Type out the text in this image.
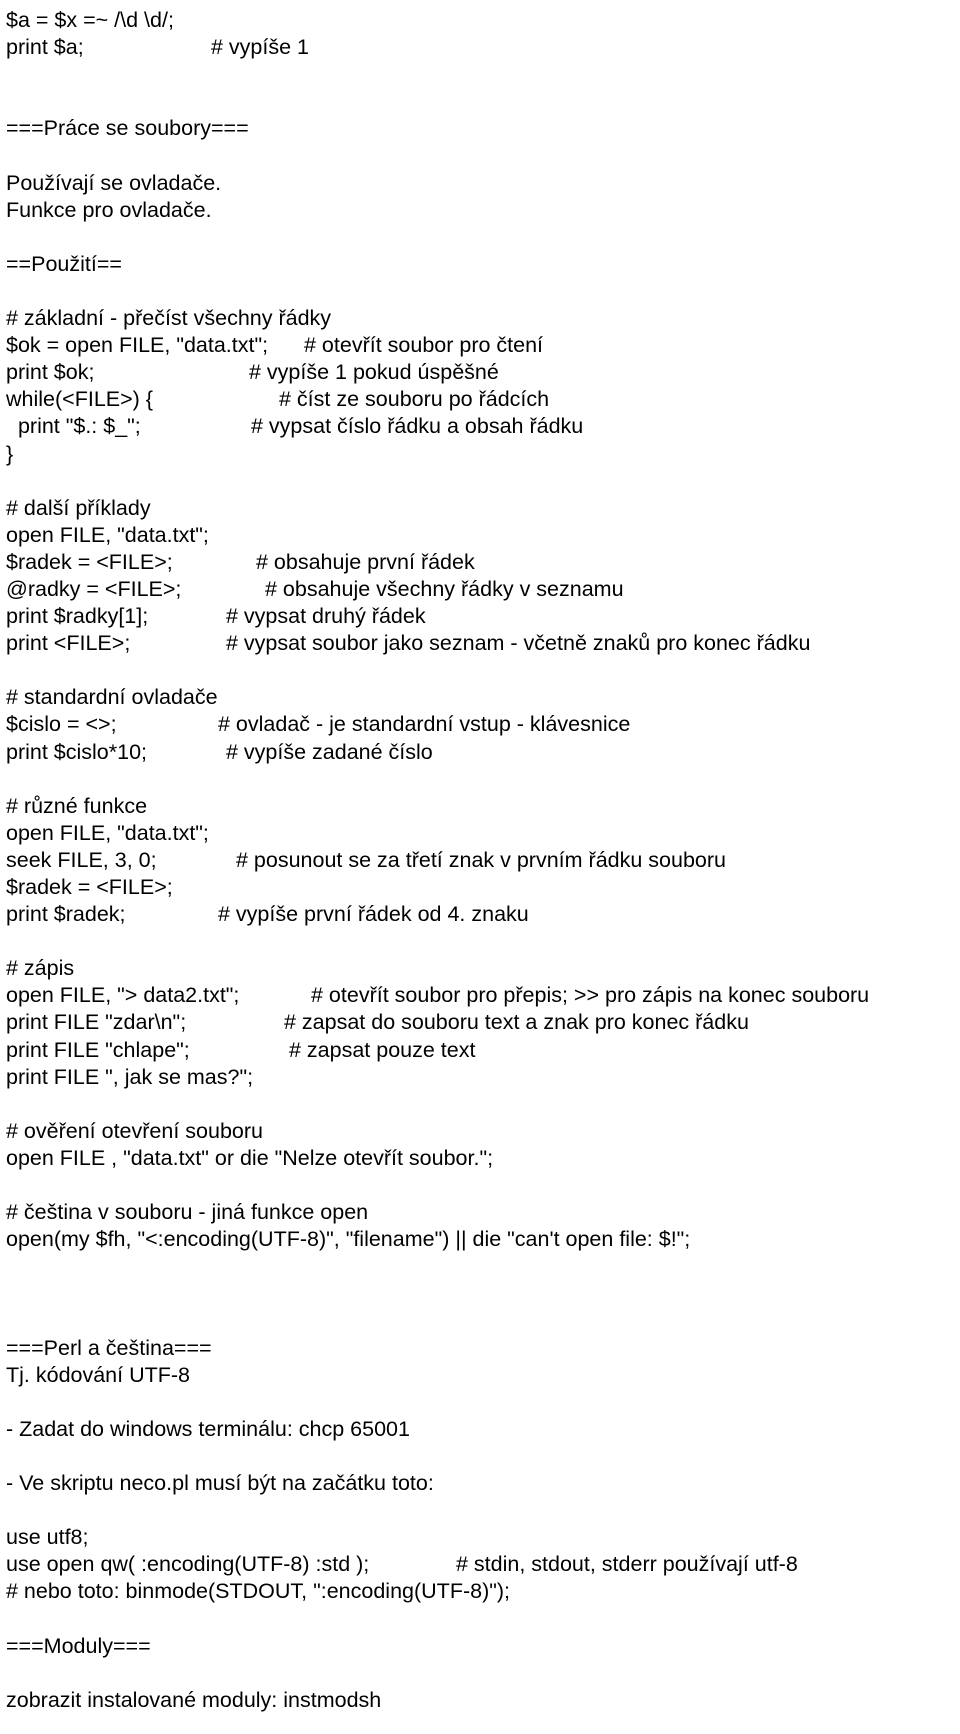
$a = $x =~ /\d \d/;
print $a;	# vypíše 1
===Práce se soubory===
Používají se ovladače.
Funkce pro ovladače.
==Použití==
# základní - přečíst všechny řádky
$ok = open FILE, "data.txt"; # otevřít soubor pro čtení
print $ok;	# vypíše 1 pokud úspěšné
while(<FILE>) {	# číst ze souboru po řádcích
print "$.: $_";	# vypsat číslo řádku a obsah řádku
}
# další příklady
open FILE, "data.txt";
$radek = <FILE>;	# obsahuje první řádek
@radky = <FILE>;	# obsahuje všechny řádky v seznamu
print $radky[1];	# vypsat druhý řádek
print <FILE>;	# vypsat soubor jako seznam - včetně znaků pro konec řádku
# standardní ovladače
$cislo = <>;	# ovladač - je standardní vstup - klávesnice
print $cislo*10;	# vypíše zadané číslo
# různé funkce
open FILE, "data.txt";
seek FILE, 3, 0;	# posunout se za třetí znak v prvním řádku souboru
$radek = <FILE>;
print $radek;	# vypíše první řádek od 4. znaku
# zápis
open FILE, "> data2.txt";	# otevřít soubor pro přepis; >> pro zápis na konec souboru
print FILE "zdar\n";	# zapsat do souboru text a znak pro konec řádku
print FILE "chlape";	# zapsat pouze text
print FILE ", jak se mas?";
# ověření otevření souboru
open FILE , "data.txt" or die "Nelze otevřít soubor.";
# čeština v souboru - jiná funkce open
open(my $fh, "<:encoding(UTF-8)", "filename") || die "can't open file: $!";
===Perl a čeština===
Tj. kódování UTF-8
- Zadat do windows terminálu: chcp 65001
- Ve skriptu neco.pl musí být na začátku toto:
use utf8;
use open qw( :encoding(UTF-8) :std );	# stdin, stdout, stderr používají utf-8
# nebo toto: binmode(STDOUT, ":encoding(UTF-8)");
===Moduly===
zobrazit instalované moduly: instmodsh
